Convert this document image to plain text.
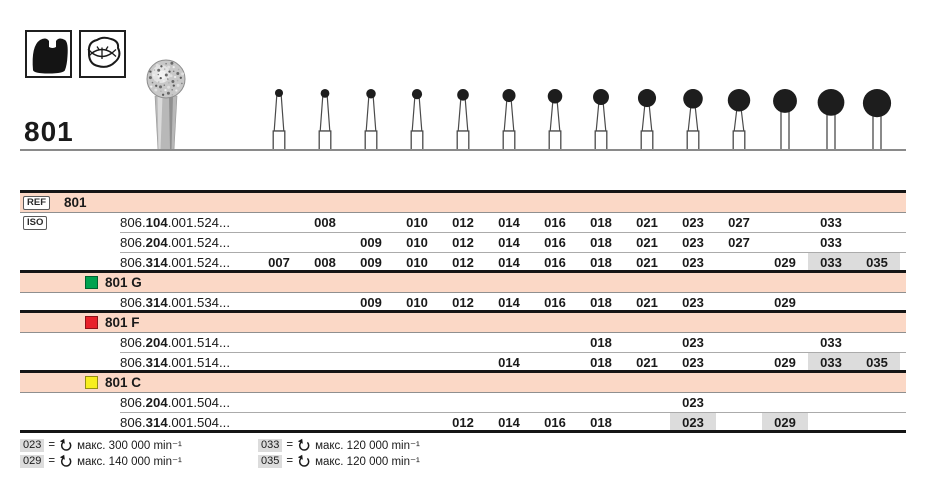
801
REF 801
ISO	806.104.001.524...	008	010	012	014	016	018	021	023	027	033
806.204.001.524...	009	010	012	014	016	018	021	023	027	033
806.314.001.524...	007	008	009	010	012	014	016	018	021	023	029	033	035
801 G
806.314.001.534...	009	010	012	014	016	018	021	023	029
801 F
806.204.001.514...	018	023	033
806.314.001.514...	014	018	021	023	029	033	035
801 C
806.204.001.504...	023
806.314.001.504...	012	014	016	018	023	029
023 = макс. 300 000 min⁻¹
029 = макс. 140 000 min⁻¹
033 = макс. 120 000 min⁻¹
035 = макс. 120 000 min⁻¹
